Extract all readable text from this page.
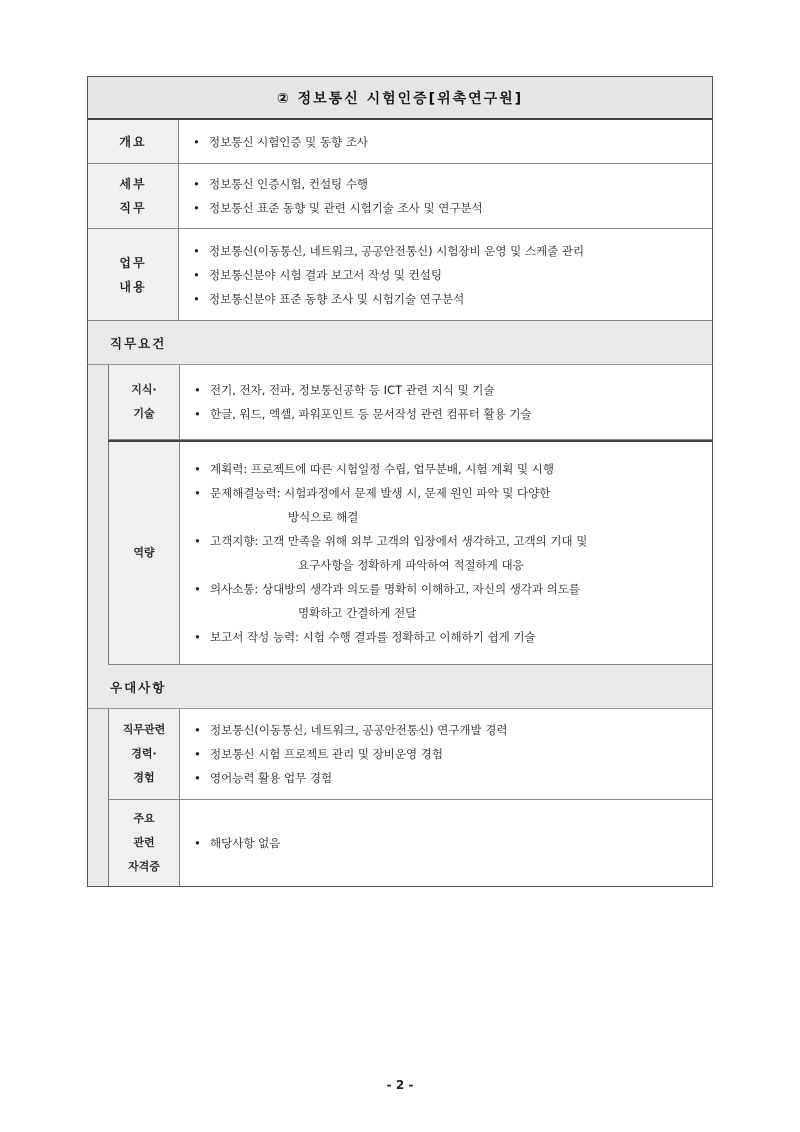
② 정보통신 시험인증[위촉연구원]
개요
•	정보통신 시험인증 및 동향 조사
세부
직무
• 정보통신 인증시험, 컨설팅 수행
• 정보통신 표준 동향 및 관련 시험기술 조사 및 연구분석
업무
내용
• 정보통신(이동통신, 네트워크, 공공안전통신) 시험장비 운영 및 스케줄 관리
• 정보통신분야 시험 결과 보고서 작성 및 컨설팅
• 정보통신분야 표준 동향 조사 및 시험기술 연구분석
직무요건
지식·
기술
• 전기, 전자, 전파, 정보통신공학 등 ICT 관련 지식 및 기술
• 한글, 워드, 엑셀, 파워포인트 등 문서작성 관련 컴퓨터 활용 기술
역량
• 계획력: 프로젝트에 따른 시험일정 수립, 업무분배, 시험 계획 및 시행
• 문제해결능력: 시험과정에서 문제 발생 시, 문제 원인 파악 및 다양한
방식으로 해결
• 고객지향: 고객 만족을 위해 외부 고객의 입장에서 생각하고, 고객의 기대 및
요구사항을 정확하게 파악하여 적절하게 대응
• 의사소통: 상대방의 생각과 의도를 명확히 이해하고, 자신의 생각과 의도를
명확하고 간결하게 전달
• 보고서 작성 능력: 시험 수행 결과를 정확하고 이해하기 쉽게 기술
우대사항
직무관련
경력·
경험
• 정보통신(이동통신, 네트워크, 공공안전통신) 연구개발 경력
• 정보통신 시험 프로젝트 관리 및 장비운영 경험
• 영어능력 활용 업무 경험
주요
관련
자격증
• 해당사항 없음
- 2 -
